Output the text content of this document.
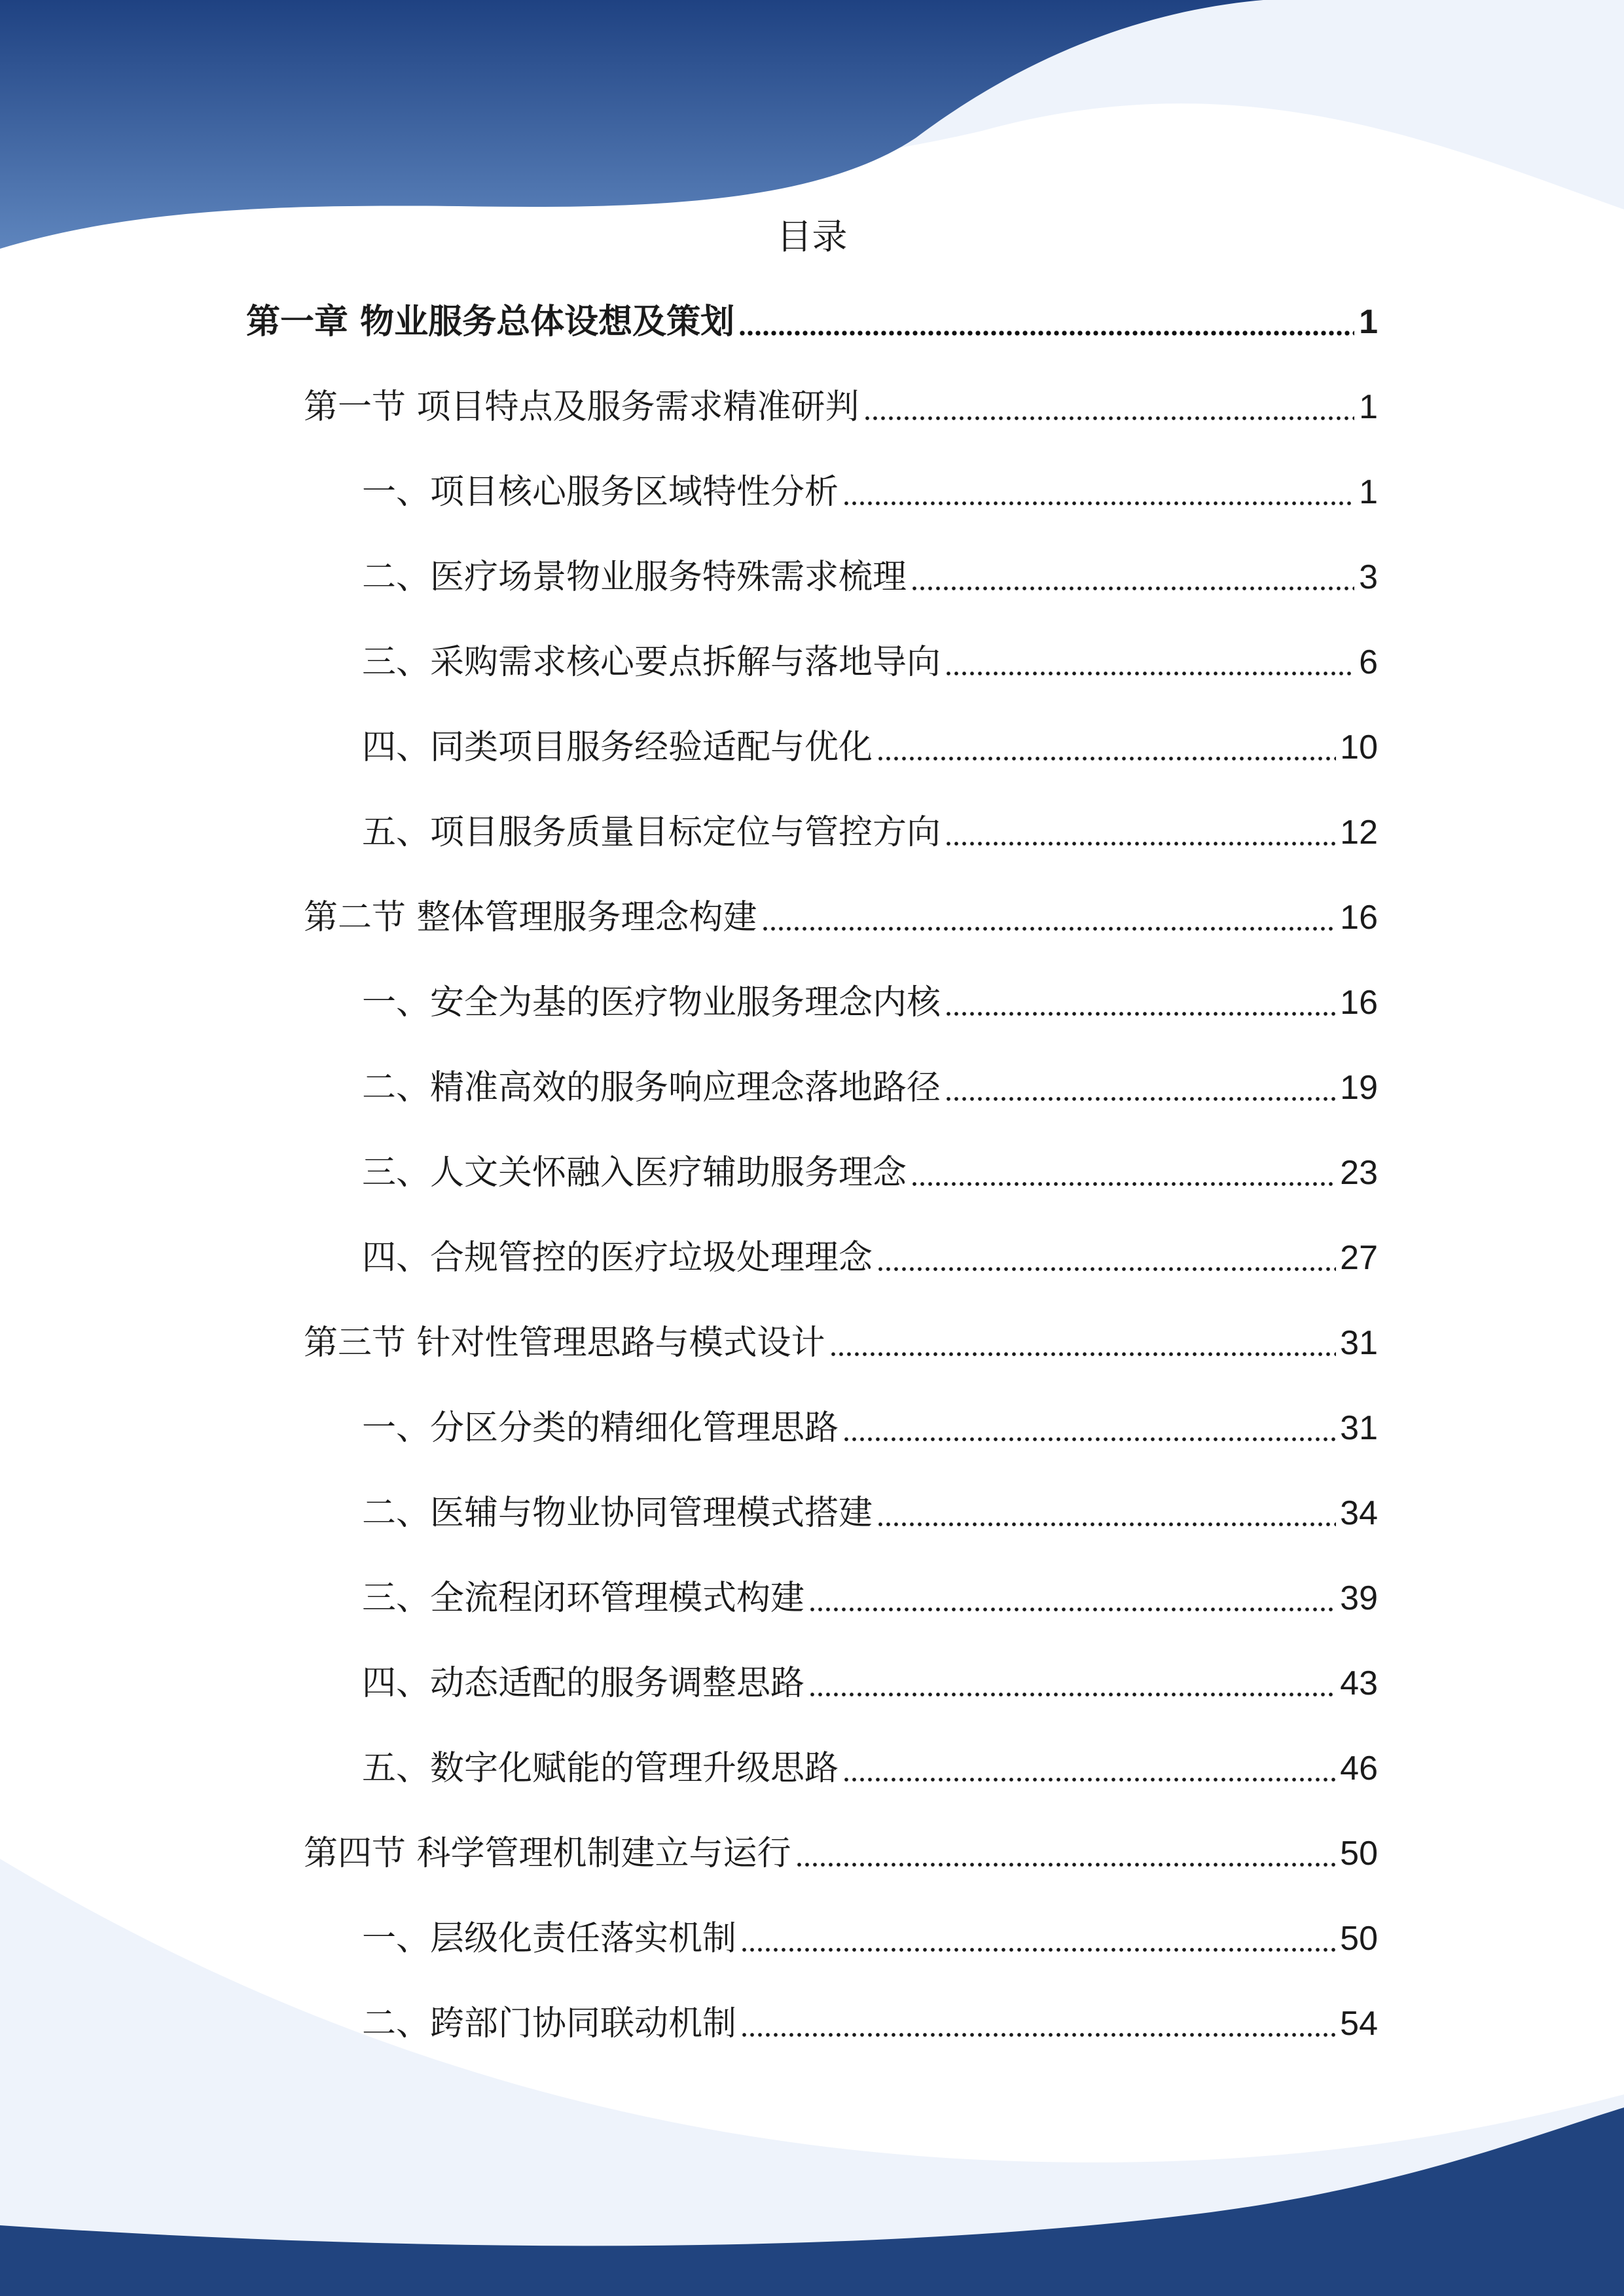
目录
第一章 物业服务总体设想及策划	1
第一节 项目特点及服务需求精准研判	1
一、项目核心服务区域特性分析	1
二、医疗场景物业服务特殊需求梳理	3
三、采购需求核心要点拆解与落地导向	6
四、同类项目服务经验适配与优化	10
五、项目服务质量目标定位与管控方向	12
第二节 整体管理服务理念构建	16
一、安全为基的医疗物业服务理念内核	16
二、精准高效的服务响应理念落地路径	19
三、人文关怀融入医疗辅助服务理念	23
四、合规管控的医疗垃圾处理理念	27
第三节 针对性管理思路与模式设计	31
一、分区分类的精细化管理思路	31
二、医辅与物业协同管理模式搭建	34
三、全流程闭环管理模式构建	39
四、动态适配的服务调整思路	43
五、数字化赋能的管理升级思路	46
第四节 科学管理机制建立与运行	50
一、层级化责任落实机制	50
二、跨部门协同联动机制	54
